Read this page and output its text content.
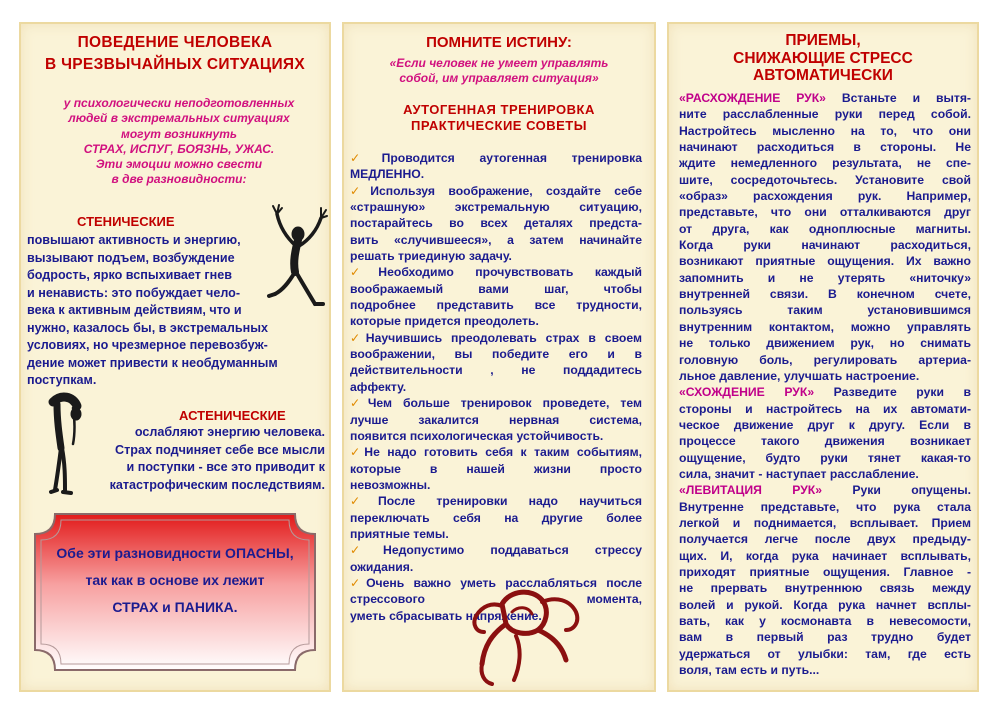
ПОВЕДЕНИЕ ЧЕЛОВЕКА
В ЧРЕЗВЫЧАЙНЫХ СИТУАЦИЯХ
у психологически неподготовленных
людей в экстремальных ситуациях
могут возникнуть
СТРАХ, ИСПУГ, БОЯЗНЬ, УЖАС.
Эти эмоции можно свести
в две разновидности:
СТЕНИЧЕСКИЕ
повышают активность и энергию,
вызывают подъем, возбуждение
бодрость, ярко вспыхивает гнев
и ненависть: это побуждает чело-
века к активным действиям, что и
нужно, казалось бы, в экстремальных
условиях, но чрезмерное перевозбуж-
дение может привести к необдуманным
поступкам.
АСТЕНИЧЕСКИЕ
ослабляют энергию человека.
Страх подчиняет себе все мысли
и поступки - все это приводит к
катастрофическим последствиям.
Обе эти разновидности ОПАСНЫ,
так как в основе их лежит
СТРАХ и ПАНИКА.
ПОМНИТЕ ИСТИНУ:
«Если человек не умеет управлять
собой, им управляет ситуация»
АУТОГЕННАЯ ТРЕНИРОВКА
ПРАКТИЧЕСКИЕ СОВЕТЫ
✓Проводится аутогенная тренировка
МЕДЛЕННО.
✓Используя воображение, создайте себе
«страшную» экстремальную ситуацию,
постарайтесь во всех деталях предста-
вить «случившееся», а затем начинайте
решать триединую задачу.
✓Необходимо прочувствовать каждый
воображаемый вами шаг, чтобы
подробнее представить все трудности,
которые придется преодолеть.
✓Научившись преодолевать страх в своем
воображении, вы победите его и в
действительности , не поддадитесь
аффекту.
✓Чем больше тренировок проведете, тем
лучше закалится нервная система,
появится психологическая устойчивость.
✓Не надо готовить себя к таким событиям,
которые в нашей жизни просто
невозможны.
✓После тренировки надо научиться
переключать себя на другие более
приятные темы.
✓Недопустимо поддаваться стрессу
ожидания.
✓Очень важно уметь расслабляться после
стрессового момента,
уметь сбрасывать напряжение.
ПРИЕМЫ,
СНИЖАЮЩИЕ СТРЕСС
АВТОМАТИЧЕСКИ
«РАСХОЖДЕНИЕ РУК» Встаньте и вытя-
ните расслабленные руки перед собой.
Настройтесь мысленно на то, что они
начинают расходиться в стороны. Не
ждите немедленного результата, не спе-
шите, сосредоточьтесь. Установите свой
«образ» расхождения рук. Например,
представьте, что они отталкиваются друг
от друга, как одноплюсные магниты.
Когда руки начинают расходиться,
возникают приятные ощущения. Их важно
запомнить и не утерять «ниточку»
внутренней связи. В конечном счете,
пользуясь таким установившимся
внутренним контактом, можно управлять
не только движением рук, но снимать
головную боль, регулировать артериа-
льное давление, улучшать настроение.
«СХОЖДЕНИЕ РУК» Разведите руки в
стороны и настройтесь на их автомати-
ческое движение друг к другу. Если в
процессе такого движения возникает
ощущение, будто руки тянет какая-то
сила, значит - наступает расслабление.
«ЛЕВИТАЦИЯ РУК» Руки опущены.
Внутренне представьте, что рука стала
легкой и поднимается, всплывает. Прием
получается легче после двух предыду-
щих. И, когда рука начинает всплывать,
приходят приятные ощущения. Главное -
не прервать внутреннюю связь между
волей и рукой. Когда рука начнет всплы-
вать, как у космонавта в невесомости,
вам в первый раз трудно будет
удержаться от улыбки: там, где есть
воля, там есть и путь...
